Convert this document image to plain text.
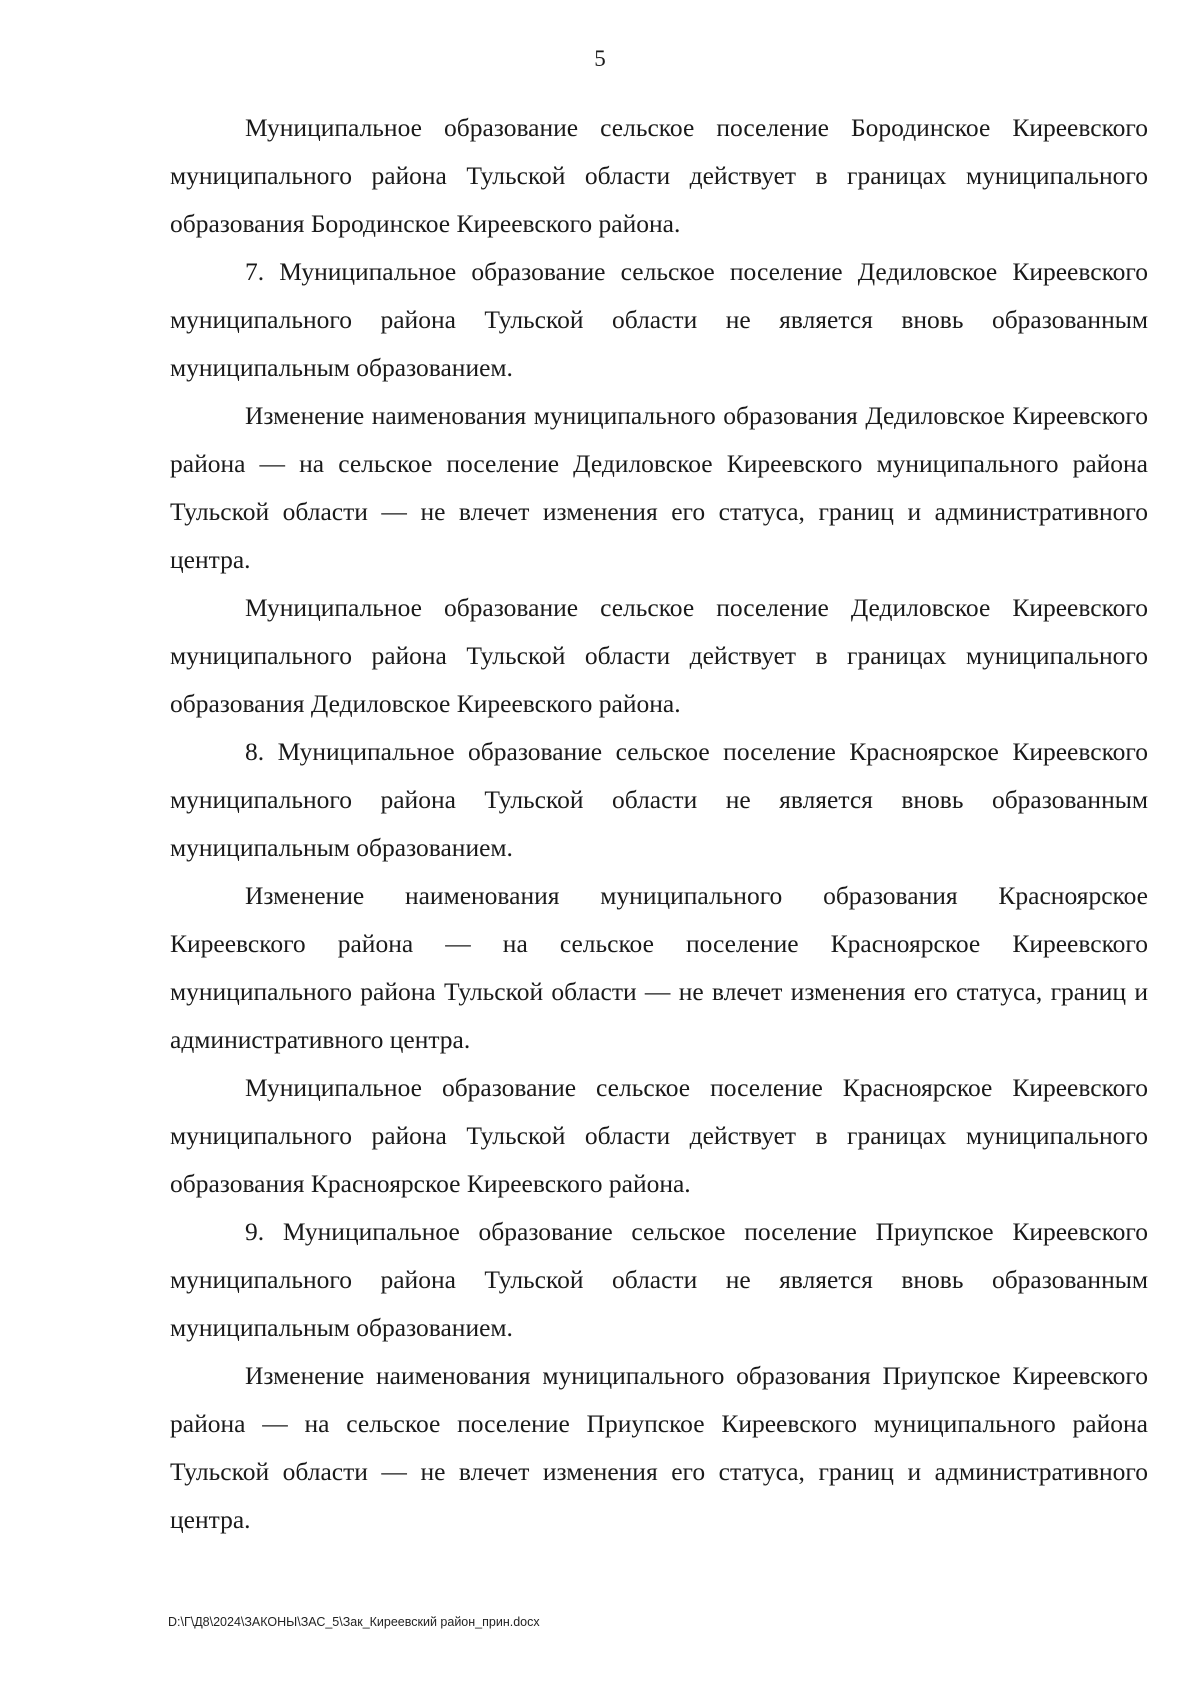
5

Муниципальное образование сельское поселение Бородинское Киреевского муниципального района Тульской области действует в границах муниципального образования Бородинское Киреевского района.

7. Муниципальное образование сельское поселение Дедиловское Киреевского муниципального района Тульской области не является вновь образованным муниципальным образованием.

Изменение наименования муниципального образования Дедиловское Киреевского района — на сельское поселение Дедиловское Киреевского муниципального района Тульской области — не влечет изменения его статуса, границ и административного центра.

Муниципальное образование сельское поселение Дедиловское Киреевского муниципального района Тульской области действует в границах муниципального образования Дедиловское Киреевского района.

8. Муниципальное образование сельское поселение Красноярское Киреевского муниципального района Тульской области не является вновь образованным муниципальным образованием.

Изменение наименования муниципального образования Красноярское Киреевского района — на сельское поселение Красноярское Киреевского муниципального района Тульской области — не влечет изменения его статуса, границ и административного центра.

Муниципальное образование сельское поселение Красноярское Киреевского муниципального района Тульской области действует в границах муниципального образования Красноярское Киреевского района.

9. Муниципальное образование сельское поселение Приупское Киреевского муниципального района Тульской области не является вновь образованным муниципальным образованием.

Изменение наименования муниципального образования Приупское Киреевского района — на сельское поселение Приупское Киреевского муниципального района Тульской области — не влечет изменения его статуса, границ и административного центра.

D:\Г\Д8\2024\ЗАКОНЫ\ЗАС_5\Зак_Киреевский район_прин.docx
